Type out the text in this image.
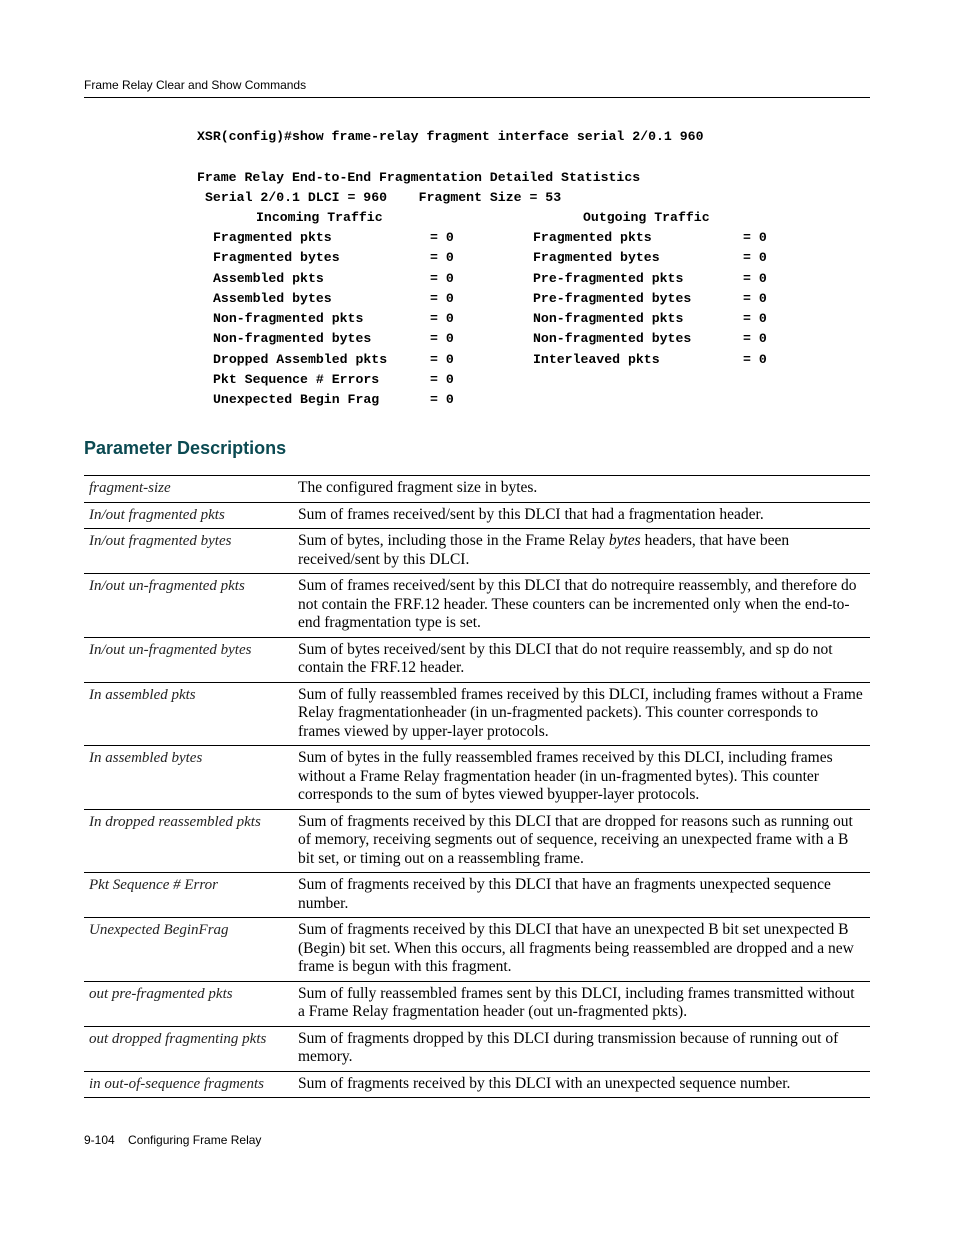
Frame Relay Clear and Show Commands
XSR(config)#show frame-relay fragment interface serial 2/0.1 960
Frame Relay End-to-End Fragmentation Detailed Statistics
Serial 2/0.1 DLCI = 960    Fragment Size = 53
Incoming Traffic	Outgoing Traffic
Fragmented pkts	= 0	Fragmented pkts	= 0
Fragmented bytes	= 0	Fragmented bytes	= 0
Assembled pkts	= 0	Pre-fragmented pkts	= 0
Assembled bytes	= 0	Pre-fragmented bytes	= 0
Non-fragmented pkts	= 0	Non-fragmented pkts	= 0
Non-fragmented bytes	= 0	Non-fragmented bytes	= 0
Dropped Assembled pkts	= 0	Interleaved pkts	= 0
Pkt Sequence # Errors	= 0
Unexpected Begin Frag	= 0
Parameter Descriptions
fragment-size	The configured fragment size in bytes.
In/out fragmented pkts	Sum of frames received/sent by this DLCI that had a fragmentation header.
In/out fragmented bytes	Sum of bytes, including those in the Frame Relay bytes headers, that have been received/sent by this DLCI.
In/out un-fragmented pkts	Sum of frames received/sent by this DLCI that do notrequire reassembly, and therefore do not contain the FRF.12 header. These counters can be incremented only when the end-to-end fragmentation type is set.
In/out un-fragmented bytes	Sum of bytes received/sent by this DLCI that do not require reassembly, and sp do not contain the FRF.12 header.
In assembled pkts	Sum of fully reassembled frames received by this DLCI, including frames without a Frame Relay fragmentationheader (in un-fragmented packets). This counter corresponds to frames viewed by upper-layer protocols.
In assembled bytes	Sum of bytes in the fully reassembled frames received by this DLCI, including frames without a Frame Relay fragmentation header (in un-fragmented bytes). This counter corresponds to the sum of bytes viewed byupper-layer protocols.
In dropped reassembled pkts	Sum of fragments received by this DLCI that are dropped for reasons such as running out of memory, receiving segments out of sequence, receiving an unexpected frame with a B bit set, or timing out on a reassembling frame.
Pkt Sequence # Error	Sum of fragments received by this DLCI that have an fragments unexpected sequence number.
Unexpected BeginFrag	Sum of fragments received by this DLCI that have an unexpected B bit set unexpected B (Begin) bit set. When this occurs, all fragments being reassembled are dropped and a new frame is begun with this fragment.
out pre-fragmented pkts	Sum of fully reassembled frames sent by this DLCI, including frames transmitted without a Frame Relay fragmentation header (out un-fragmented pkts).
out dropped fragmenting pkts	Sum of fragments dropped by this DLCI during transmission because of running out of memory.
in out-of-sequence fragments	Sum of fragments received by this DLCI with an unexpected sequence number.
9-104    Configuring Frame Relay
